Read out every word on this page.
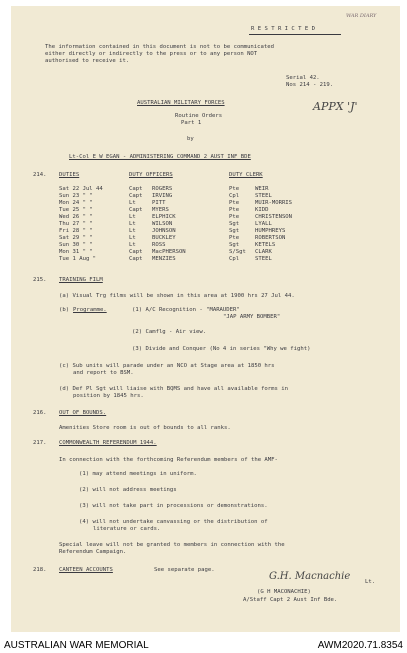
R E S T R I C T E D
WAR DIARY
The information contained in this document is not to be communicated
either directly or indirectly to the press or to any person NOT
authorised to receive it.
Serial 42.
Nos 214 - 219.
APPX 'J'
AUSTRALIAN MILITARY FORCES
Routine Orders
Part 1
by
Lt-Col E W EGAN - ADMINISTERING COMMAND 2 AUST INF BDE
214. DUTIES	DUTY OFFICERS	DUTY CLERK
Sat 22 Jul 44	Capt ROGERS	Pte	WEIR
Sun 23 " "	Capt IRVING	Cpl	STEEL
Mon 24 " "	Lt	PITT	Pte	MUIR-MORRIS
Tue 25 " "	Capt MYERS	Pte	KIDD
Wed 26 " "	Lt	ELPHICK	Pte	CHRISTENSON
Thu 27 " "	Lt	WILSON	Sgt	LYALL
Fri 28 " "	Lt	JOHNSON	Sgt	HUMPHREYS
Sat 29 " "	Lt	BUCKLEY	Pte	ROBERTSON
Sun 30 " "	Lt	ROSS	Sgt	KETELS
Mon 31 " "	Capt MacPHERSON	S/Sgt CLARK
Tue 1 Aug "	Capt MENZIES	Cpl	STEEL
215. TRAINING FILM
(a) Visual Trg films will be shown in this area at 1900 hrs 27 Jul 44.
(b) Programme.	(1) A/C Recognition - "MARAUDER"
"JAP ARMY BOMBER"
(2) Camflg - Air view.
(3) Divide and Conquer (No 4 in series "Why we fight)
(c) Sub units will parade under an NCO at Stage area at 1850 hrs
and report to BSM.
(d) Def Pl Sgt will liaise with BQMS and have all available forms in
position by 1845 hrs.
216. OUT OF BOUNDS.
Amenities Store room is out of bounds to all ranks.
217. COMMONWEALTH REFERENDUM 1944.
In connection with the forthcoming Referendum members of the AMF-
(1) may attend meetings in uniform.
(2) will not address meetings
(3) will not take part in processions or demonstrations.
(4) will not undertake canvassing or the distribution of
literature or cards.
Special leave will not be granted to members in connection with the
Referendum Campaign.
218. CANTEEN ACCOUNTS	See separate page.
G.H. Macnachie	Lt.
(G H MACONACHIE)
A/Staff Capt 2 Aust Inf Bde.
AUSTRALIAN WAR MEMORIAL	AWM2020.71.8354
